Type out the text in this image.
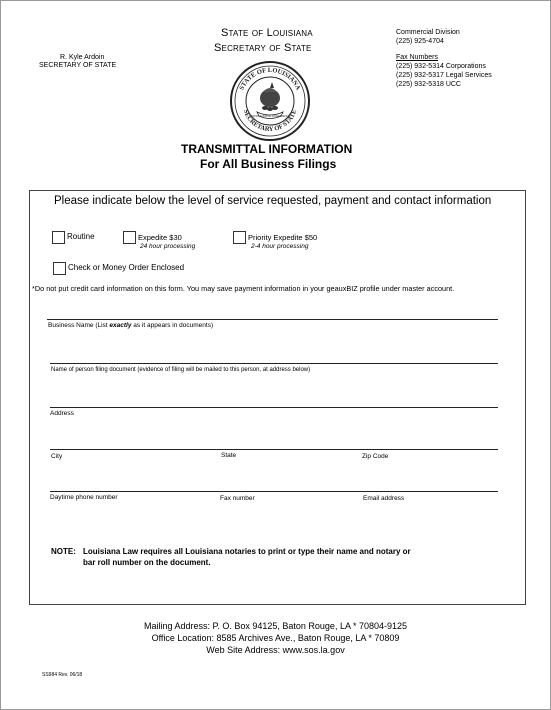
State of Louisiana
Secretary of State
R. Kyle Ardoin
SECRETARY OF STATE
Commercial Division
(225) 925-4704
Fax Numbers
(225) 932-5314 Corporations
(225) 932-5317 Legal Services
(225) 932-5318 UCC
STATE OF LOUISIANA
SECRETARY OF STATE
UNION JUSTICE CONFIDENCE
TRANSMITTAL INFORMATION
For All Business Filings
Please indicate below the level of service requested, payment and contact information
Routine	Expedite $30
24 hour processing
Priority Expedite $50
2-4 hour processing
Check or Money Order Enclosed
*Do not put credit card information on this form. You may save payment information in your geauxBIZ profile under master account.
Business Name (List exactly as it appears in documents)
Name of person filing document (evidence of filing will be mailed to this person, at address below)
Address
City	State	Zip Code
Daytime phone number	Fax number	Email address
NOTE: Louisiana Law requires all Louisiana notaries to print or type their name and notary or
bar roll number on the document.
Mailing Address: P. O. Box 94125, Baton Rouge, LA * 70804-9125
Office Location: 8585 Archives Ave., Baton Rouge, LA * 70809
Web Site Address: www.sos.la.gov
SS984 Rev. 06/18
